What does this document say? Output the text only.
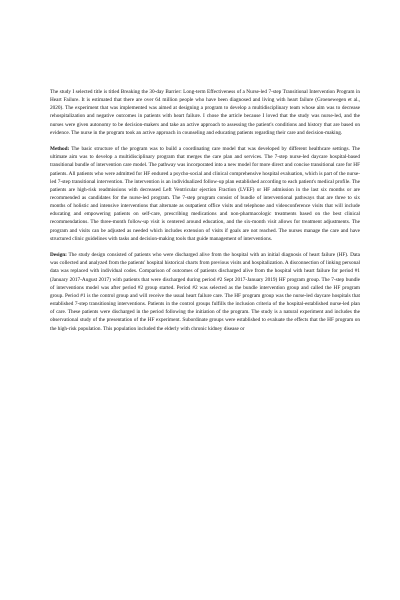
The study I selected title is titled Breaking the 30-day Barrier: Long-term Effectiveness of a Nurse-led 7-step Transitional Intervention Program in Heart Failure. It is estimated that there are over 64 million people who have been diagnosed and living with heart failure (Groenewegen et al., 2020). The experiment that was implemented was aimed at designing a program to develop a multidisciplinary team whose aim was to decrease rehospitalization and negative outcomes in patients with heart failure. I chose the article because I loved that the study was nurse-led, and the nurses were given autonomy to be decision-makers and take an active approach to assessing the patient's conditions and history that are based on evidence. The nurse in the program took an active approach in counseling and educating patients regarding their care and decision-making.

Method: The basic structure of the program was to build a coordinating care model that was developed by different healthcare settings. The ultimate aim was to develop a multidisciplinary program that merges the care plan and services. The 7-step nurse-led daycare hospital-based transitional bundle of intervention care model. The pathway was incorporated into a new model for more direct and concise transitional care for HF patients. All patients who were admitted for HF endured a psycho-social and clinical comprehensive hospital evaluation, which is part of the nurse-led 7-step transitional intervention. The intervention is an individualized follow-up plan established according to each patient's medical profile. The patients are high-risk readmissions with decreased Left Ventricular ejection Fraction (LVEF) or HF admission in the last six months or are recommended as candidates for the nurse-led program. The 7-step program consist of bundle of interventional pathways that are three to six months of holistic and intensive interventions that alternate as outpatient office visits and telephone and videoconference visits that will include educating and empowering patients on self-care, prescribing medications and non-pharmacologic treatments based on the best clinical recommendations. The three-month follow-up visit is centered around education, and the six-month visit allows for treatment adjustments. The program and visits can be adjusted as needed which includes extension of visits if goals are not reached. The nurses manage the care and have structured clinic guidelines with tasks and decision-making tools that guide management of interventions.

Design: The study design consisted of patients who were discharged alive from the hospital with an initial diagnosis of heart failure (HF). Data was collected and analyzed from the patients' hospital historical charts from previous visits and hospitalization. A disconnection of linking personal data was replaced with individual codes. Comparison of outcomes of patients discharged alive from the hospital with heart failure for period #1 (January 2017-August 2017) with patients that were discharged during period #2 Sept 2017-January 2019) HF program group. The 7-step bundle of interventions model was after period #2 group started. Period #2 was selected as the bundle intervention group and called the HF program group. Period #1 is the control group and will receive the usual heart failure care. The HF program group was the nurse-led daycare hospitals that established 7-step transitioning interventions. Patients in the control groups fulfills the inclusion criteria of the hospital-established nurse-led plan of care. These patients were discharged in the period following the initiation of the program. The study is a natural experiment and includes the observational study of the presentation of the HF experiment. Subordinate groups were established to evaluate the effects that the HF program on the high-risk population. This population included the elderly with chronic kidney disease or
